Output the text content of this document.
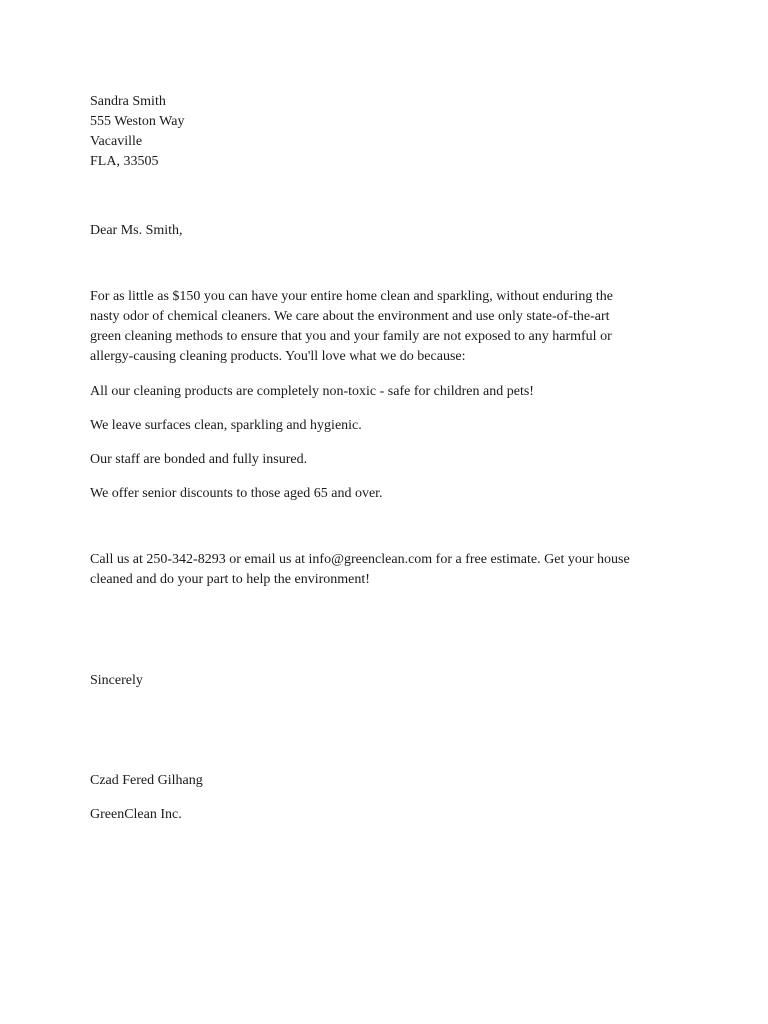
Sandra Smith
555 Weston Way
Vacaville
FLA, 33505
Dear Ms. Smith,
For as little as $150 you can have your entire home clean and sparkling, without enduring the
nasty odor of chemical cleaners. We care about the environment and use only state-of-the-art
green cleaning methods to ensure that you and your family are not exposed to any harmful or
allergy-causing cleaning products. You'll love what we do because:
All our cleaning products are completely non-toxic - safe for children and pets!
We leave surfaces clean, sparkling and hygienic.
Our staff are bonded and fully insured.
We offer senior discounts to those aged 65 and over.
Call us at 250-342-8293 or email us at info@greenclean.com for a free estimate. Get your house
cleaned and do your part to help the environment!
Sincerely
Czad Fered Gilhang
GreenClean Inc.
